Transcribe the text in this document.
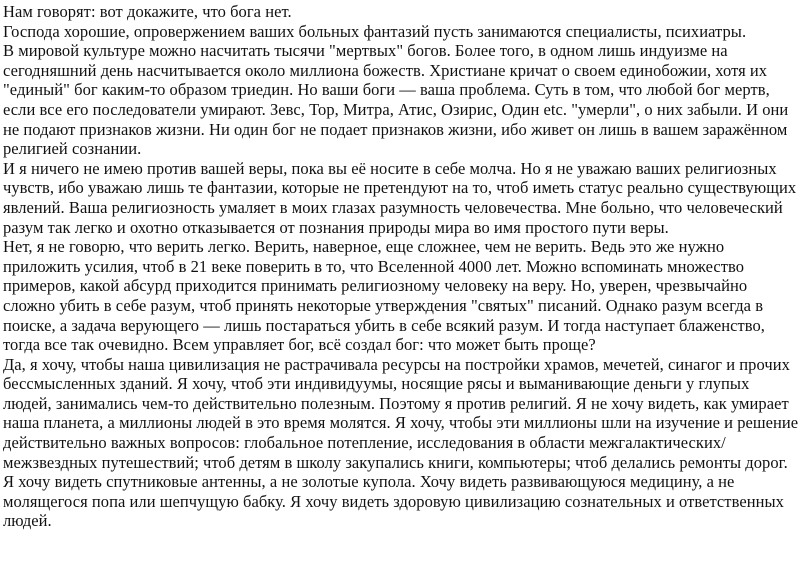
Нам говорят: вот докажите, что бога нет.

Господа хорошие, опровержением ваших больных фантазий пусть занимаются специалисты, психиатры.

В мировой культуре можно насчитать тысячи "мертвых" богов. Более того, в одном лишь индуизме на сегодняшний день насчитывается около миллиона божеств. Христиане кричат о своем единобожии, хотя их "единый" бог каким-то образом триедин. Но ваши боги — ваша проблема. Суть в том, что любой бог мертв, если все его последователи умирают. Зевс, Тор, Митра, Атис, Озирис, Один etc. "умерли", о них забыли. И они не подают признаков жизни. Ни один бог не подает признаков жизни, ибо живет он лишь в вашем заражённом религией сознании.

И я ничего не имею против вашей веры, пока вы её носите в себе молча. Но я не уважаю ваших религиозных чувств, ибо уважаю лишь те фантазии, которые не претендуют на то, чтоб иметь статус реально существующих явлений. Ваша религиозность умаляет в моих глазах разумность человечества. Мне больно, что человеческий разум так легко и охотно отказывается от познания природы мира во имя простого пути веры.

Нет, я не говорю, что верить легко. Верить, наверное, еще сложнее, чем не верить. Ведь это же нужно приложить усилия, чтоб в 21 веке поверить в то, что Вселенной 4000 лет. Можно вспоминать множество примеров, какой абсурд приходится принимать религиозному человеку на веру. Но, уверен, чрезвычайно сложно убить в себе разум, чтоб принять некоторые утверждения "святых" писаний. Однако разум всегда в поиске, а задача верующего — лишь постараться убить в себе всякий разум. И тогда наступает блаженство, тогда все так очевидно. Всем управляет бог, всё создал бог: что может быть проще?

Да, я хочу, чтобы наша цивилизация не растрачивала ресурсы на постройки храмов, мечетей, синагог и прочих бессмысленных зданий. Я хочу, чтоб эти индивидуумы, носящие рясы и выманивающие деньги у глупых людей, занимались чем-то действительно полезным. Поэтому я против религий. Я не хочу видеть, как умирает наша планета, а миллионы людей в это время молятся. Я хочу, чтобы эти миллионы шли на изучение и решение действительно важных вопросов: глобальное потепление, исследования в области межгалактических/межзвездных путешествий; чтоб детям в школу закупались книги, компьютеры; чтоб делались ремонты дорог. Я хочу видеть спутниковые антенны, а не золотые купола. Хочу видеть развивающуюся медицину, а не молящегося попа или шепчущую бабку. Я хочу видеть здоровую цивилизацию сознательных и ответственных людей.
